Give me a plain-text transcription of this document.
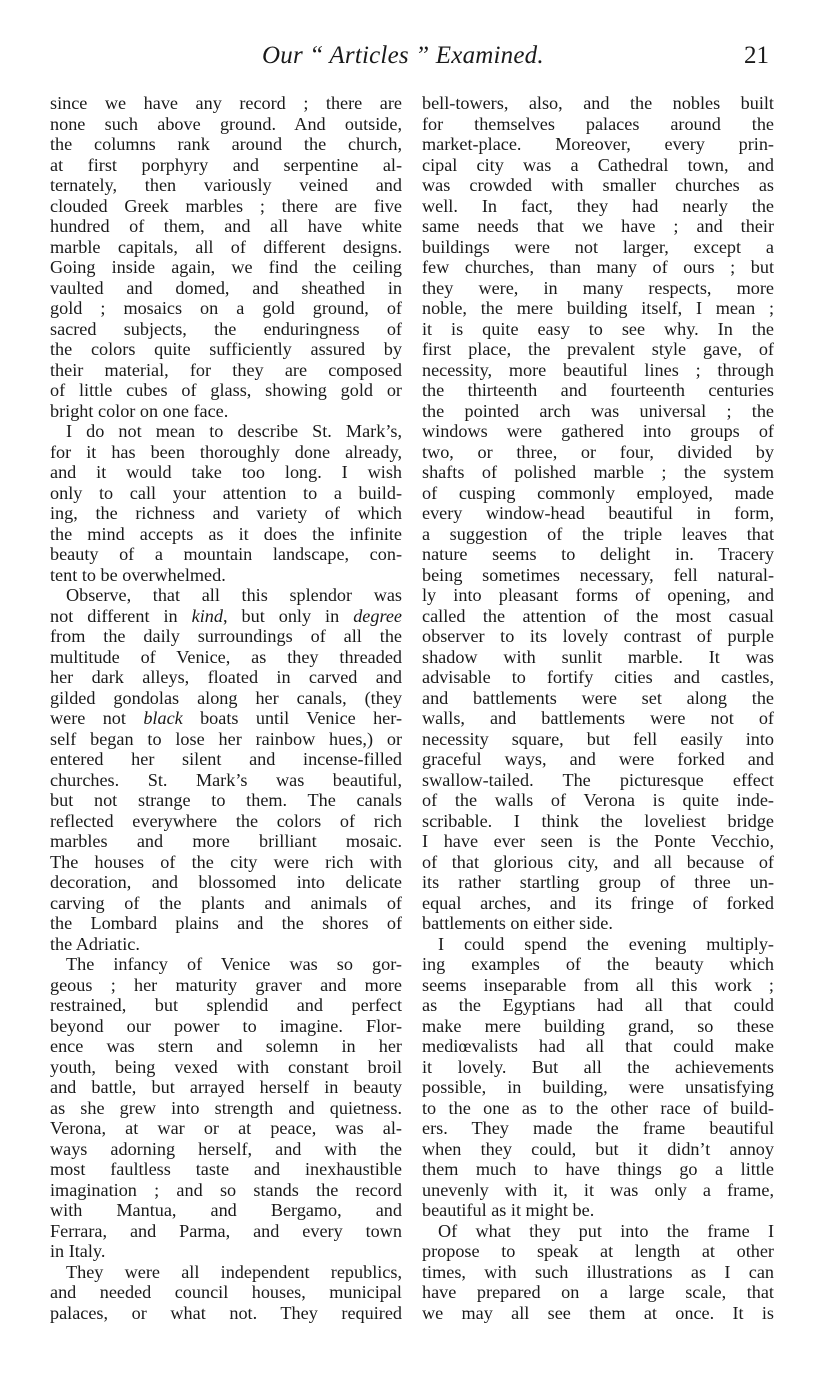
Our “ Articles ” Examined.	21
since we have any record ; there are
none such above ground. And outside,
the columns rank around the church,
at first porphyry and serpentine al-
ternately, then variously veined and
clouded Greek marbles ; there are five
hundred of them, and all have white
marble capitals, all of different designs.
Going inside again, we find the ceiling
vaulted and domed, and sheathed in
gold ; mosaics on a gold ground, of
sacred subjects, the enduringness of
the colors quite sufficiently assured by
their material, for they are composed
of little cubes of glass, showing gold or
bright color on one face.
I do not mean to describe St. Mark’s,
for it has been thoroughly done already,
and it would take too long. I wish
only to call your attention to a build-
ing, the richness and variety of which
the mind accepts as it does the infinite
beauty of a mountain landscape, con-
tent to be overwhelmed.
Observe, that all this splendor was
not different in kind, but only in degree
from the daily surroundings of all the
multitude of Venice, as they threaded
her dark alleys, floated in carved and
gilded gondolas along her canals, (they
were not black boats until Venice her-
self began to lose her rainbow hues,) or
entered her silent and incense-filled
churches. St. Mark’s was beautiful,
but not strange to them. The canals
reflected everywhere the colors of rich
marbles and more brilliant mosaic.
The houses of the city were rich with
decoration, and blossomed into delicate
carving of the plants and animals of
the Lombard plains and the shores of
the Adriatic.
The infancy of Venice was so gor-
geous ; her maturity graver and more
restrained, but splendid and perfect
beyond our power to imagine. Flor-
ence was stern and solemn in her
youth, being vexed with constant broil
and battle, but arrayed herself in beauty
as she grew into strength and quietness.
Verona, at war or at peace, was al-
ways adorning herself, and with the
most faultless taste and inexhaustible
imagination ; and so stands the record
with Mantua, and Bergamo, and
Ferrara, and Parma, and every town
in Italy.
They were all independent republics,
and needed council houses, municipal
palaces, or what not. They required
bell-towers, also, and the nobles built
for themselves palaces around the
market-place. Moreover, every prin-
cipal city was a Cathedral town, and
was crowded with smaller churches as
well. In fact, they had nearly the
same needs that we have ; and their
buildings were not larger, except a
few churches, than many of ours ; but
they were, in many respects, more
noble, the mere building itself, I mean ;
it is quite easy to see why. In the
first place, the prevalent style gave, of
necessity, more beautiful lines ; through
the thirteenth and fourteenth centuries
the pointed arch was universal ; the
windows were gathered into groups of
two, or three, or four, divided by
shafts of polished marble ; the system
of cusping commonly employed, made
every window-head beautiful in form,
a suggestion of the triple leaves that
nature seems to delight in. Tracery
being sometimes necessary, fell natural-
ly into pleasant forms of opening, and
called the attention of the most casual
observer to its lovely contrast of purple
shadow with sunlit marble. It was
advisable to fortify cities and castles,
and battlements were set along the
walls, and battlements were not of
necessity square, but fell easily into
graceful ways, and were forked and
swallow-tailed. The picturesque effect
of the walls of Verona is quite inde-
scribable. I think the loveliest bridge
I have ever seen is the Ponte Vecchio,
of that glorious city, and all because of
its rather startling group of three un-
equal arches, and its fringe of forked
battlements on either side.
I could spend the evening multiply-
ing examples of the beauty which
seems inseparable from all this work ;
as the Egyptians had all that could
make mere building grand, so these
mediœvalists had all that could make
it lovely. But all the achievements
possible, in building, were unsatisfying
to the one as to the other race of build-
ers. They made the frame beautiful
when they could, but it didn’t annoy
them much to have things go a little
unevenly with it, it was only a frame,
beautiful as it might be.
Of what they put into the frame I
propose to speak at length at other
times, with such illustrations as I can
have prepared on a large scale, that
we may all see them at once. It is
